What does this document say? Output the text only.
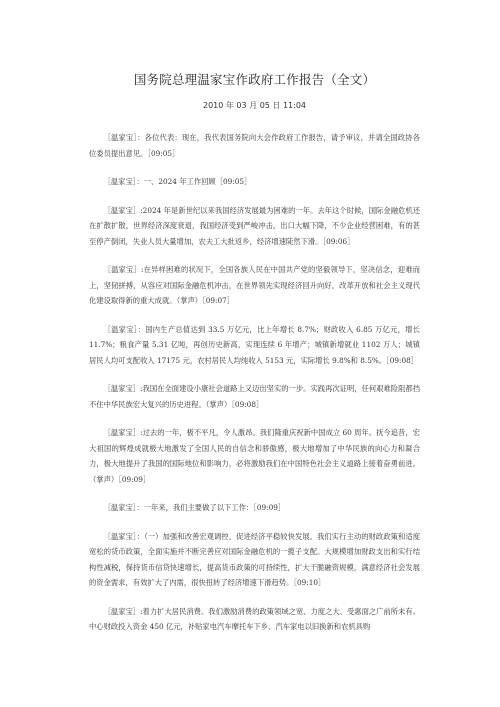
国务院总理温家宝作政府工作报告（全文）

2010 年 03 月 05 日 11:04

［温家宝］：各位代表：现在，我代表国务院向大会作政府工作报告，请予审议，并请全国政协各位委员提出意见。［09:05］

［温家宝］：一、2024 年工作回顾［09:05］

［温家宝］:2024 年是新世纪以来我国经济发展最为困难的一年。去年这个时候，国际金融危机还在扩散扩散，世界经济深度衰退，我国经济受到严峻冲击，出口大幅下降，不少企业经营困难，有的甚至停产倒闭，失业人员大量增加，农夫工大批返乡，经济增速陡然下滑。［09:06］

［温家宝］:在异样困难的状况下，全国各族人民在中国共产党的坚毅领导下，坚决信念，迎难而上，坚韧拼搏，从容应对国际金融危机冲击，在世界领先实现经济回升向好，改革开放和社会主义现代化建设取得新的重大成就。（掌声）［09:07］

［温家宝］：国内生产总值达到 33.5 万亿元，比上年增长 8.7%；财政收入 6.85 万亿元，增长 11.7%；粮食产量 5.31 亿吨，再创历史新高，实现连续 6 年增产；城镇新增就业 1102 万人；城镇居民人均可支配收入 17175 元，农村居民人均纯收入 5153 元，实际增长 9.8%和 8.5%。［09:08］

［温家宝］:我国在全面建设小康社会道路上又迈出坚实的一步。实践再次证明，任何艰难险阻都挡不住中华民族宏大复兴的历史进程。（掌声）［09:08］

［温家宝］:过去的一年，极不平凡，令人激昂。我们隆重庆祝新中国成立 60 周年。抚今追昔，宏大祖国的辉煌成就极大地激发了全国人民的自信念和骄傲感，极大地增加了中华民族的向心力和凝合力，极大地提升了我国的国际地位和影响力，必将激励我们在中国特色社会主义道路上接着奋勇前进。（掌声）［09:09］

［温家宝］：一年来，我们主要做了以下工作：［09:09］

［温家宝］：（一）加强和改善宏观调控，促进经济平稳较快发展。我们实行主动的财政政策和适度宽松的货币政策，全面实施并不断完善应对国际金融危机的一揽子支配。大规模增加财政支出和实行结构性减税，保持货币信贷快速增长，提高货币政策的可持续性，扩大干脆融资规模，满意经济社会发展的资金需求，有效扩大了内需，很快扭转了经济增速下滑趋势。［09:10］

［温家宝］:着力扩大居民消费。我们激励消费的政策领域之宽、力度之大、受惠面之广前所未有。中心财政投入资金 450 亿元，补贴家电汽车摩托车下乡、汽车家电以旧换新和农机具购
